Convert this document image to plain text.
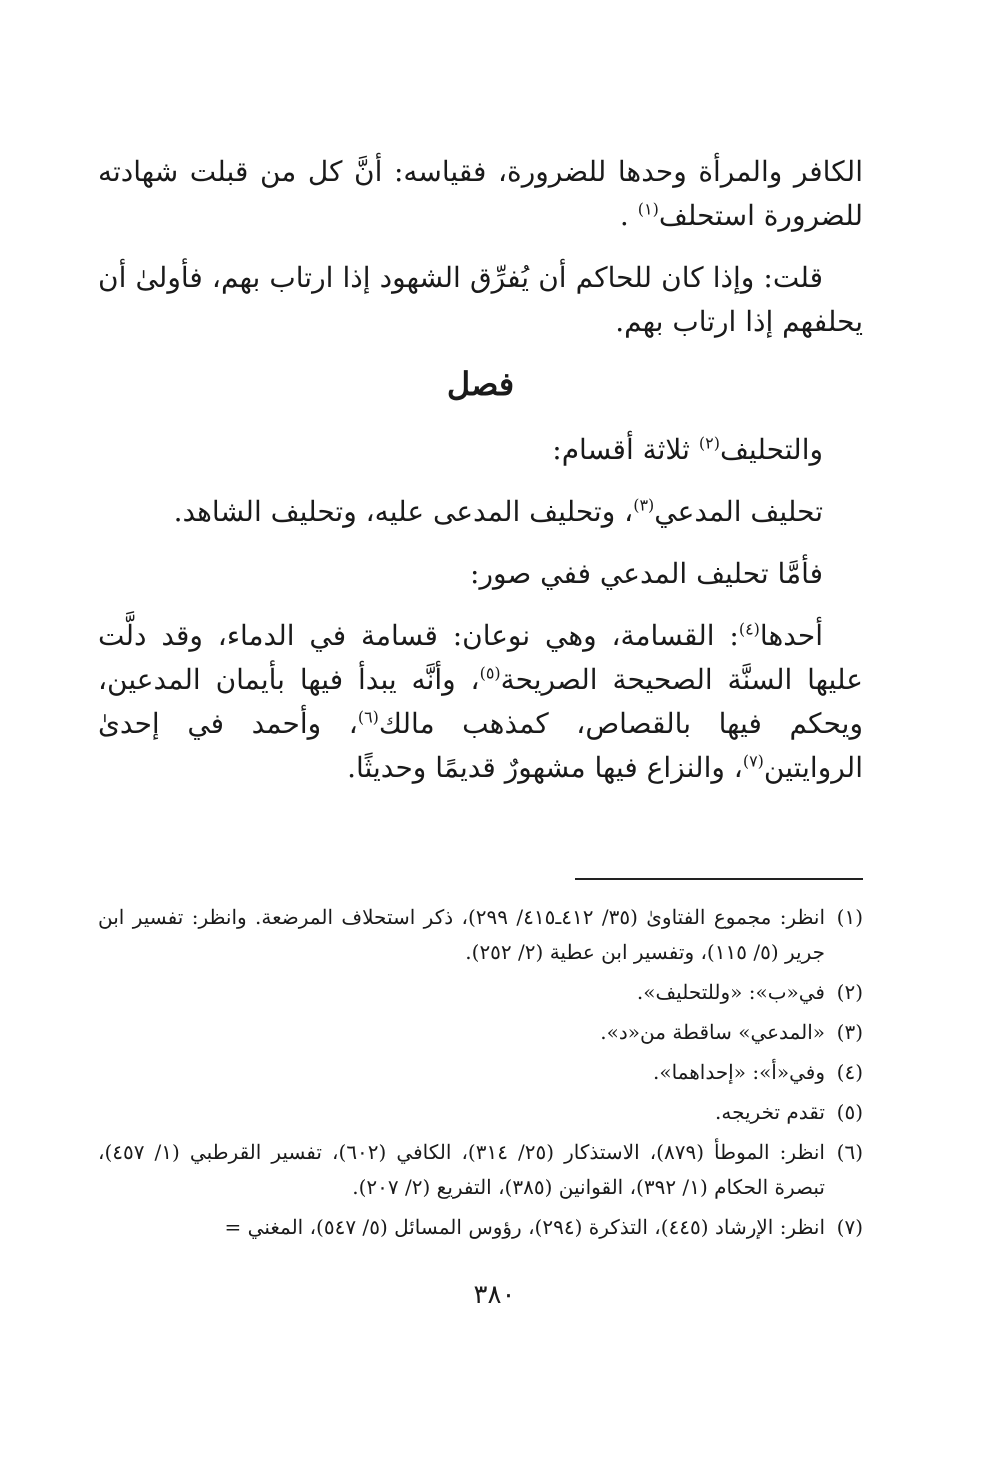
الكافر والمرأة وحدها للضرورة، فقياسه: أنَّ كل من قبلت شهادته للضرورة استحلف$^{(١)}$ .

قلت: وإذا كان للحاكم أن يُفرِّق الشهود إذا ارتاب بهم، فأولىٰ أن يحلفهم إذا ارتاب بهم.

فصل

والتحليف$^{(٢)}$ ثلاثة أقسام:

تحليف المدعي$^{(٣)}$، وتحليف المدعى عليه، وتحليف الشاهد.

فأمَّا تحليف المدعي ففي صور:

أحدها$^{(٤)}$: القسامة، وهي نوعان: قسامة في الدماء، وقد دلَّت عليها السنَّة الصحيحة الصريحة$^{(٥)}$، وأنَّه يبدأ فيها بأيمان المدعين، ويحكم فيها بالقصاص، كمذهب مالك$^{(٦)}$، وأحمد في إحدىٰ الروايتين$^{(٧)}$، والنزاع فيها مشهورٌ قديمًا وحديثًا.

(١)
انظر: مجموع الفتاوىٰ (٣٥/ ٤١٢ـ٤١٥/ ٢٩٩)، ذكر استحلاف المرضعة. وانظر: تفسير ابن جرير (٥/ ١١٥)، وتفسير ابن عطية (٢/ ٢٥٢).
(٢)
في«ب»: «وللتحليف».
(٣)
«المدعي» ساقطة من«د».
(٤)
وفي«أ»: «إحداهما».
(٥)
تقدم تخريجه.
(٦)
انظر: الموطأ (٨٧٩)، الاستذكار (٢٥/ ٣١٤)، الكافي (٦٠٢)، تفسير القرطبي (١/ ٤٥٧)، تبصرة الحكام (١/ ٣٩٢)، القوانين (٣٨٥)، التفريع (٢/ ٢٠٧).
(٧)
انظر: الإرشاد (٤٤٥)، التذكرة (٢٩٤)، رؤوس المسائل (٥/ ٥٤٧)، المغني =
٣٨٠
